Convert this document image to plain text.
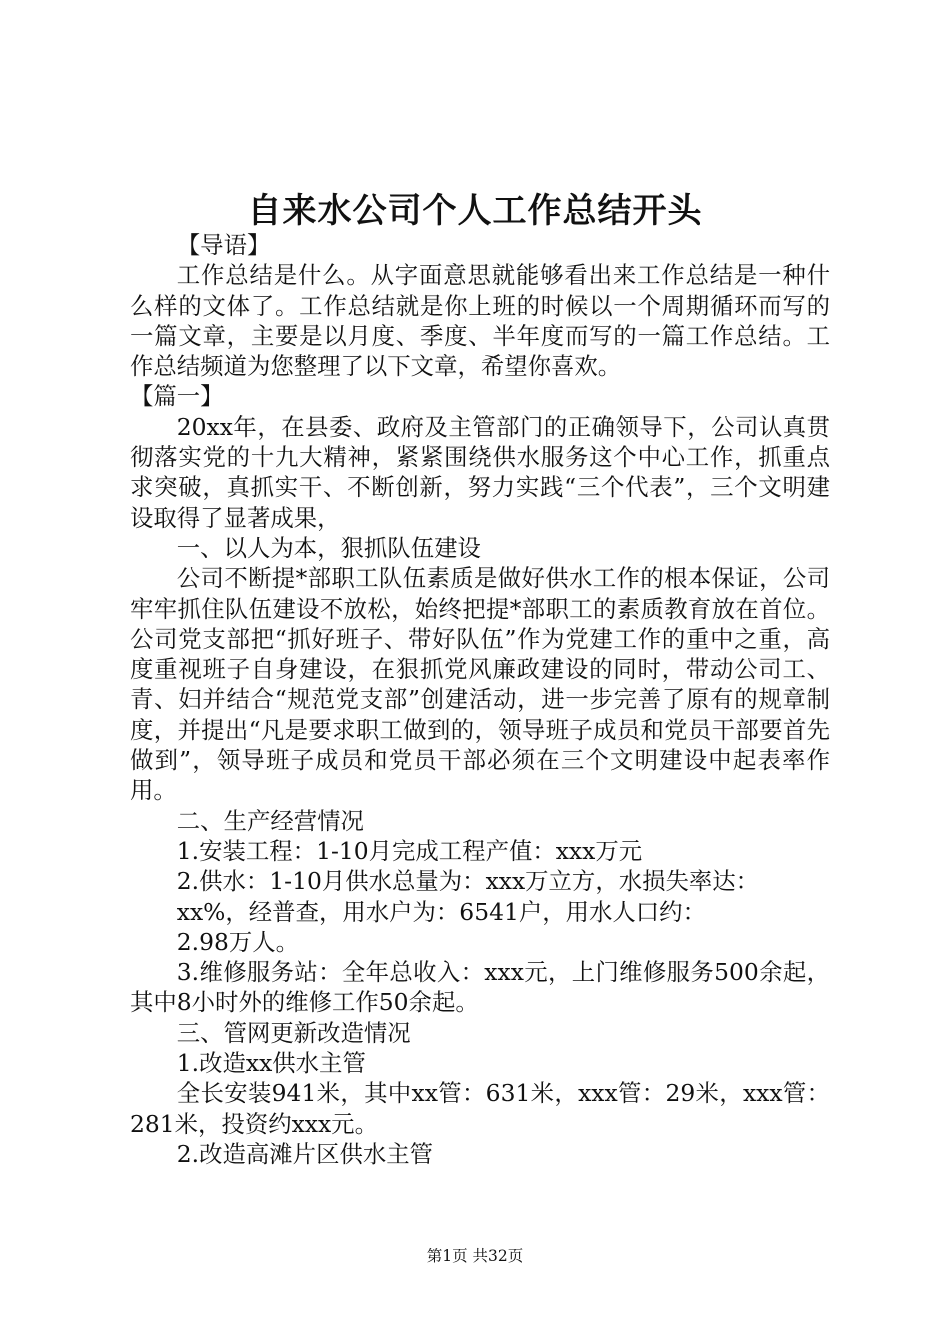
自来水公司个人工作总结开头

【导语】

工作总结是什么。从字面意思就能够看出来工作总结是一种什么样的文体了。工作总结就是你上班的时候以一个周期循环而写的一篇文章，主要是以月度、季度、半年度而写的一篇工作总结。工作总结频道为您整理了以下文章，希望你喜欢。

【篇一】

20xx年，在县委、政府及主管部门的正确领导下，公司认真贯彻落实党的十九大精神，紧紧围绕供水服务这个中心工作，抓重点求突破，真抓实干、不断创新，努力实践“三个代表”，三个文明建设取得了显著成果，

一、以人为本，狠抓队伍建设

公司不断提*部职工队伍素质是做好供水工作的根本保证，公司牢牢抓住队伍建设不放松，始终把提*部职工的素质教育放在首位。公司党支部把“抓好班子、带好队伍”作为党建工作的重中之重，高度重视班子自身建设，在狠抓党风廉政建设的同时，带动公司工、青、妇并结合“规范党支部”创建活动，进一步完善了原有的规章制度，并提出“凡是要求职工做到的，领导班子成员和党员干部要首先做到”，领导班子成员和党员干部必须在三个文明建设中起表率作用。

二、生产经营情况

1.安装工程：1-10月完成工程产值：xxx万元

2.供水：1-10月供水总量为：xxx万立方，水损失率达：

xx%，经普查，用水户为：6541户，用水人口约：

2.98万人。

3.维修服务站：全年总收入：xxx元，上门维修服务500余起，其中8小时外的维修工作50余起。

三、管网更新改造情况

1.改造xx供水主管

全长安装941米，其中xx管：631米，xxx管：29米，xxx管：281米，投资约xxx元。

2.改造高滩片区供水主管

第1页 共32页
